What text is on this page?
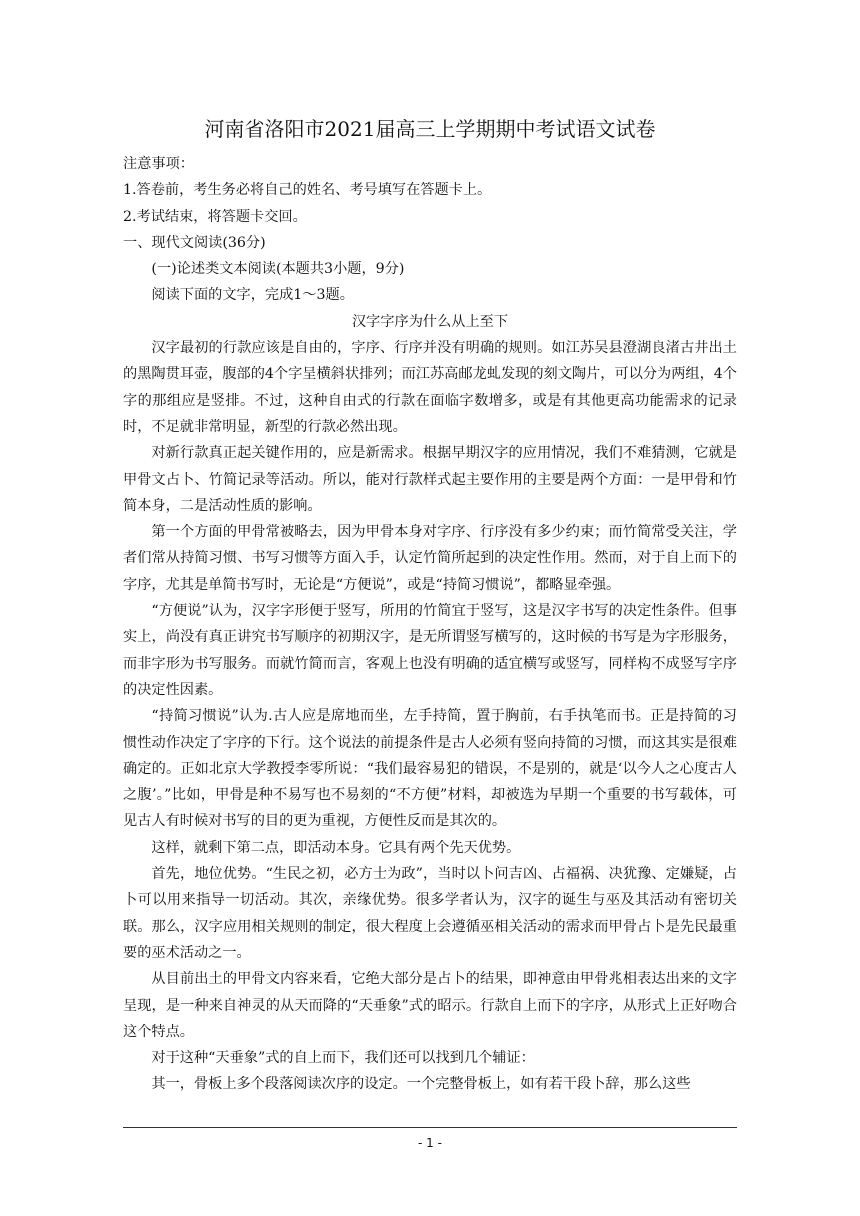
河南省洛阳市2021届高三上学期期中考试语文试卷

注意事项：

1.答卷前，考生务必将自己的姓名、考号填写在答题卡上。

2.考试结束，将答题卡交回。

一、现代文阅读(36分)

(一)论述类文本阅读(本题共3小题，9分)

阅读下面的文字，完成1～3题。

汉字字序为什么从上至下

汉字最初的行款应该是自由的，字序、行序并没有明确的规则。如江苏吴县澄湖良渚古井出土的黑陶贯耳壶，腹部的4个字呈横斜状排列；而江苏高邮龙虬发现的刻文陶片，可以分为两组，4个字的那组应是竖排。不过，这种自由式的行款在面临字数增多，或是有其他更高功能需求的记录时，不足就非常明显，新型的行款必然出现。

对新行款真正起关键作用的，应是新需求。根据早期汉字的应用情况，我们不难猜测，它就是甲骨文占卜、竹简记录等活动。所以，能对行款样式起主要作用的主要是两个方面：一是甲骨和竹简本身，二是活动性质的影响。

第一个方面的甲骨常被略去，因为甲骨本身对字序、行序没有多少约束；而竹简常受关注，学者们常从持简习惯、书写习惯等方面入手，认定竹简所起到的决定性作用。然而，对于自上而下的字序，尤其是单简书写时，无论是“方便说”，或是“持简习惯说”，都略显牵强。

“方便说”认为，汉字字形便于竖写，所用的竹简宜于竖写，这是汉字书写的决定性条件。但事实上，尚没有真正讲究书写顺序的初期汉字，是无所谓竖写横写的，这时候的书写是为字形服务，而非字形为书写服务。而就竹简而言，客观上也没有明确的适宜横写或竖写，同样构不成竖写字序的决定性因素。

“持简习惯说”认为.古人应是席地而坐，左手持简，置于胸前，右手执笔而书。正是持简的习惯性动作决定了字序的下行。这个说法的前提条件是古人必须有竖向持简的习惯，而这其实是很难确定的。正如北京大学教授李零所说：“我们最容易犯的错误，不是别的，就是‘以今人之心度古人之腹’。”比如，甲骨是种不易写也不易刻的“不方便”材料，却被选为早期一个重要的书写载体，可见古人有时候对书写的目的更为重视，方便性反而是其次的。

这样，就剩下第二点，即活动本身。它具有两个先天优势。

首先，地位优势。“生民之初，必方士为政”，当时以卜问吉凶、占福祸、决犹豫、定嫌疑，占卜可以用来指导一切活动。其次，亲缘优势。很多学者认为，汉字的诞生与巫及其活动有密切关联。那么，汉字应用相关规则的制定，很大程度上会遵循巫相关活动的需求而甲骨占卜是先民最重要的巫术活动之一。

从目前出土的甲骨文内容来看，它绝大部分是占卜的结果，即神意由甲骨兆相表达出来的文字呈现，是一种来自神灵的从天而降的“天垂象”式的昭示。行款自上而下的字序，从形式上正好吻合这个特点。

对于这种“天垂象”式的自上而下，我们还可以找到几个辅证：

其一，骨板上多个段落阅读次序的设定。一个完整骨板上，如有若干段卜辞，那么这些

- 1 -
